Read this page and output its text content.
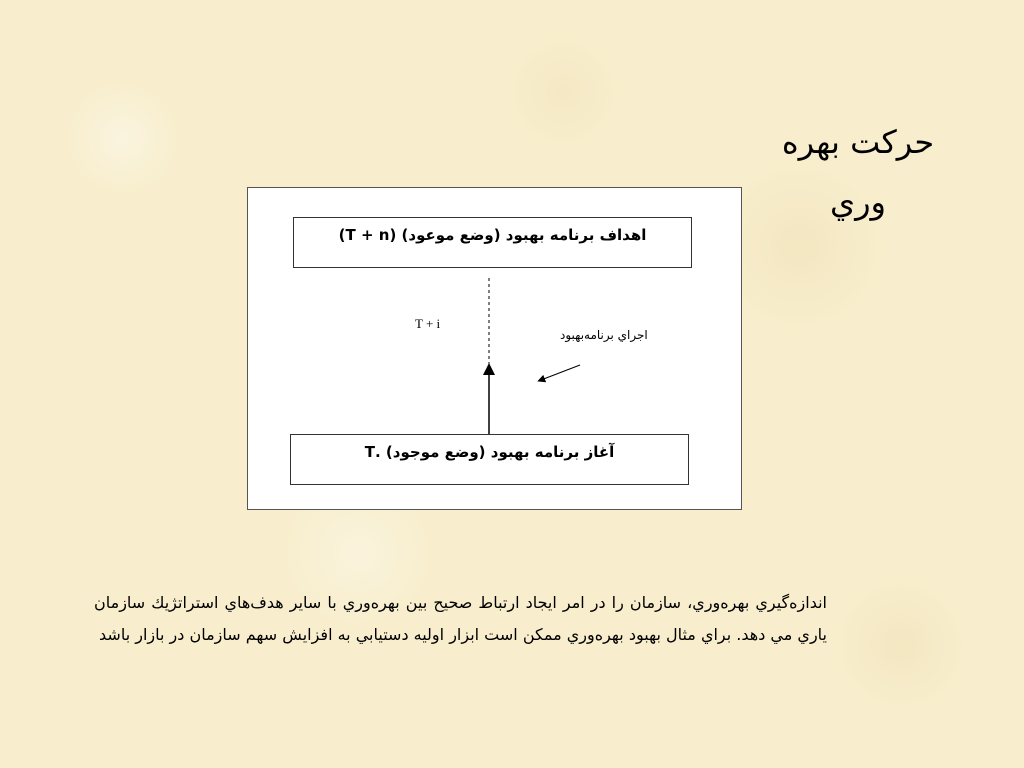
حركت بهره
وري
اهداف برنامه بهبود (وضع موعود) (T + n)
T + i
اجراي برنامه‌بهبود
آغاز برنامه بهبود (وضع موجود) .T

اندازه‌گيري بهره‌وري، سازمان را در امر ايجاد ارتباط صحيح بين بهره‌وري با ساير هدف‌هاي استراتژيك سازمان ياري مي دهد. براي مثال بهبود بهره‌وري ممكن است ابزار اوليه دستيابي به افزايش سهم سازمان در بازار باشد
